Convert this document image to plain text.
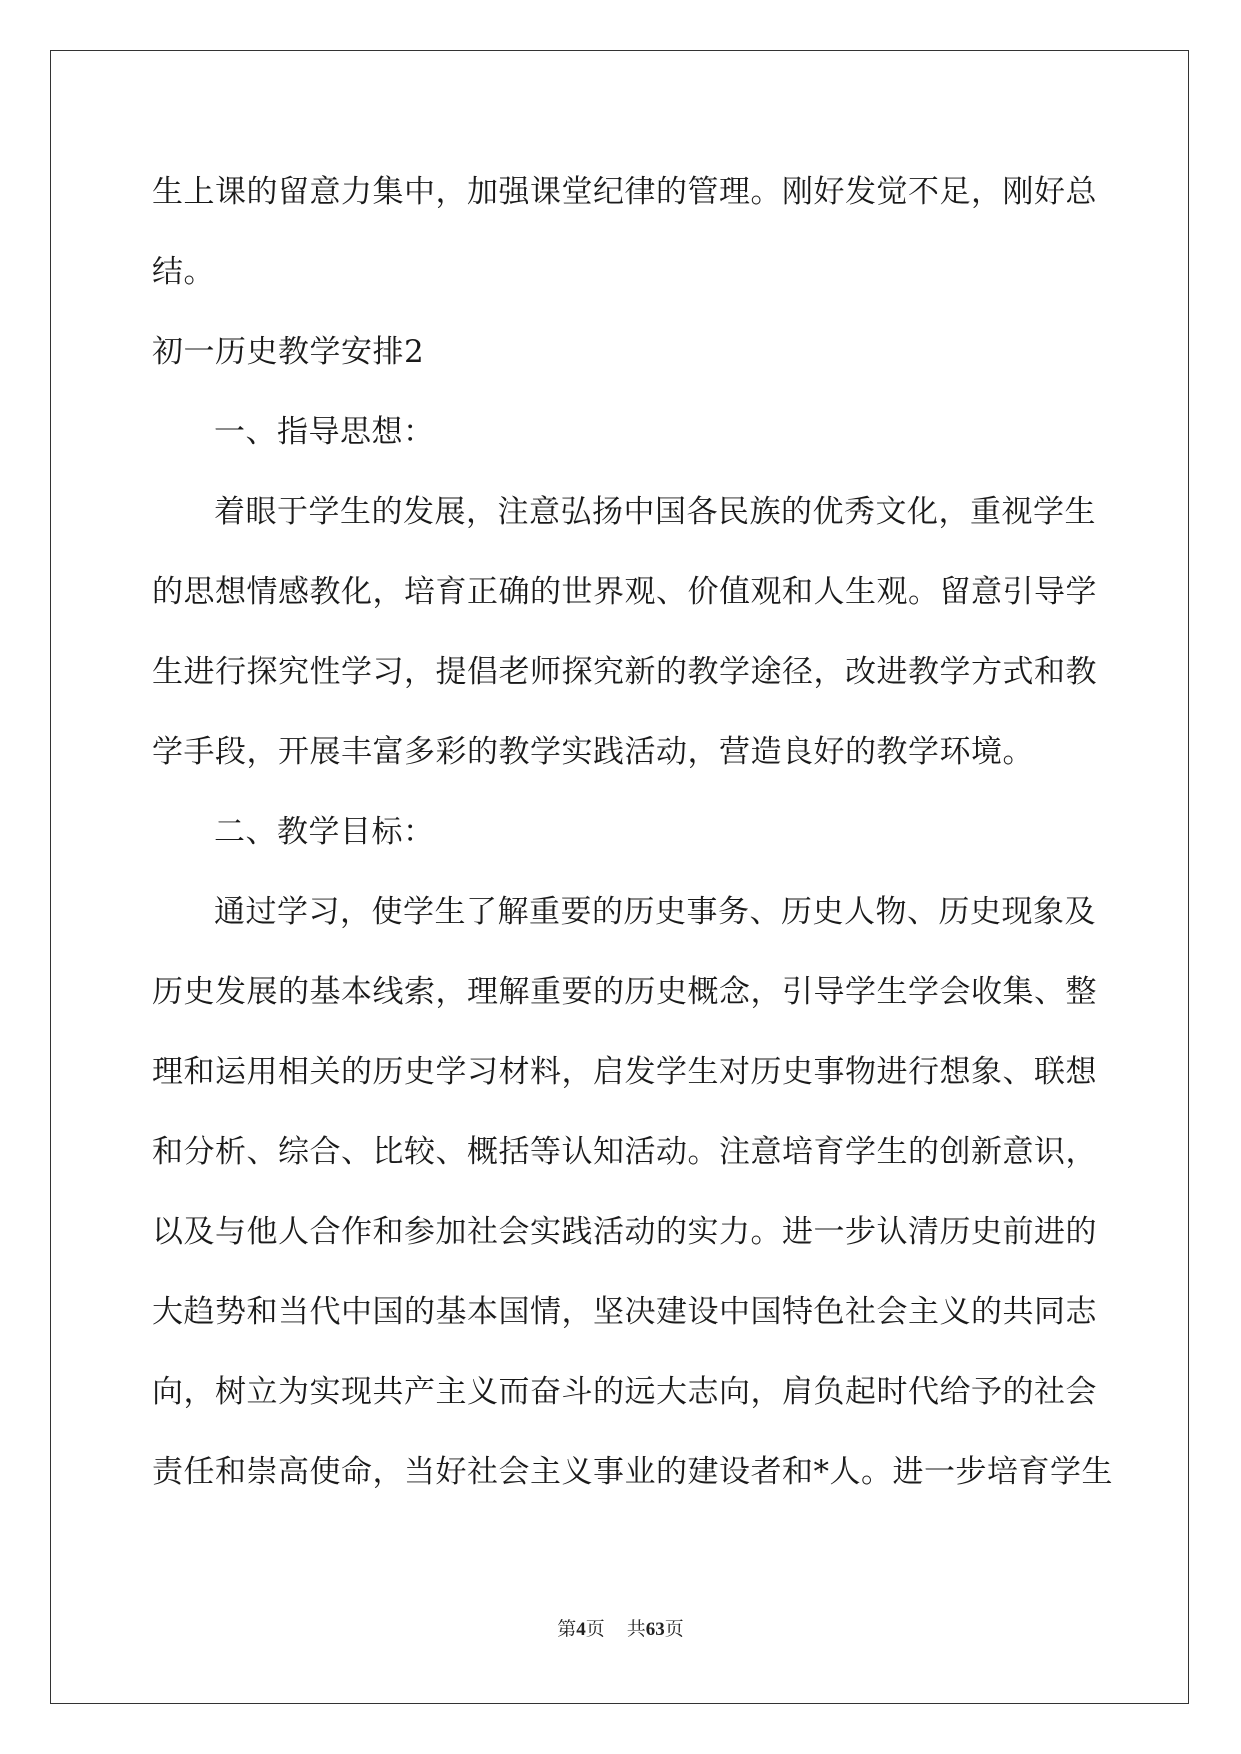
生上课的留意力集中，加强课堂纪律的管理。刚好发觉不足，刚好总
结。
初一历史教学安排2
一、指导思想：
着眼于学生的发展，注意弘扬中国各民族的优秀文化，重视学生
的思想情感教化，培育正确的世界观、价值观和人生观。留意引导学
生进行探究性学习，提倡老师探究新的教学途径，改进教学方式和教
学手段，开展丰富多彩的教学实践活动，营造良好的教学环境。
二、教学目标：
通过学习，使学生了解重要的历史事务、历史人物、历史现象及
历史发展的基本线索，理解重要的历史概念，引导学生学会收集、整
理和运用相关的历史学习材料，启发学生对历史事物进行想象、联想
和分析、综合、比较、概括等认知活动。注意培育学生的创新意识，
以及与他人合作和参加社会实践活动的实力。进一步认清历史前进的
大趋势和当代中国的基本国情，坚决建设中国特色社会主义的共同志
向，树立为实现共产主义而奋斗的远大志向，肩负起时代给予的社会
责任和崇高使命，当好社会主义事业的建设者和*人。进一步培育学生
第4页 共63页
